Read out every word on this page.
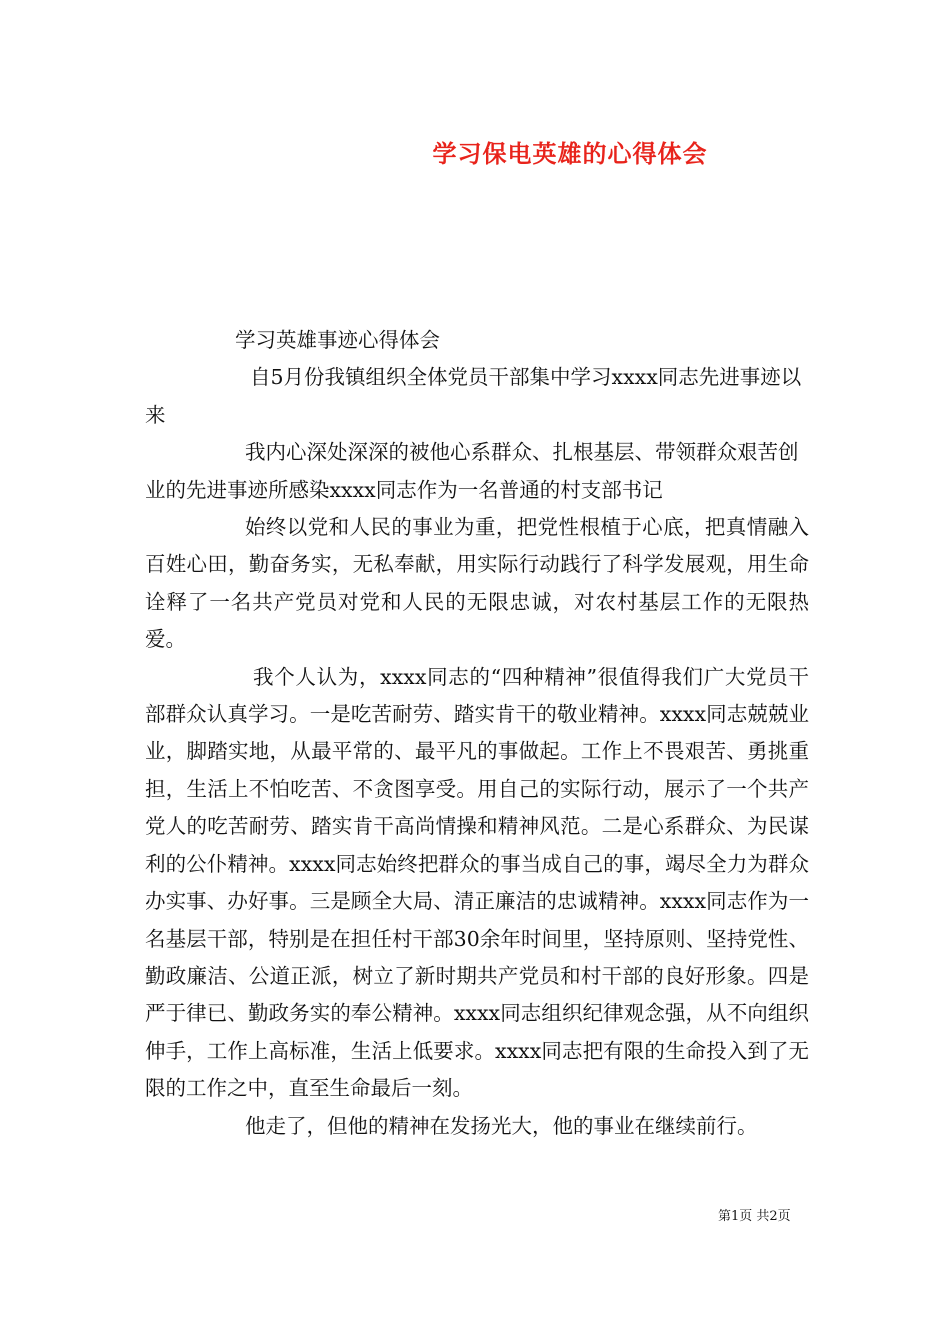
学习保电英雄的心得体会

学习英雄事迹心得体会

自5月份我镇组织全体党员干部集中学习xxxx同志先进事迹以来

我内心深处深深的被他心系群众、扎根基层、带领群众艰苦创业的先进事迹所感染xxxx同志作为一名普通的村支部书记

始终以党和人民的事业为重，把党性根植于心底，把真情融入百姓心田，勤奋务实，无私奉献，用实际行动践行了科学发展观，用生命诠释了一名共产党员对党和人民的无限忠诚，对农村基层工作的无限热爱。

我个人认为，xxxx同志的“四种精神”很值得我们广大党员干部群众认真学习。一是吃苦耐劳、踏实肯干的敬业精神。xxxx同志兢兢业业，脚踏实地，从最平常的、最平凡的事做起。工作上不畏艰苦、勇挑重担，生活上不怕吃苦、不贪图享受。用自己的实际行动，展示了一个共产党人的吃苦耐劳、踏实肯干高尚情操和精神风范。二是心系群众、为民谋利的公仆精神。xxxx同志始终把群众的事当成自己的事，竭尽全力为群众办实事、办好事。三是顾全大局、清正廉洁的忠诚精神。xxxx同志作为一名基层干部，特别是在担任村干部30余年时间里，坚持原则、坚持党性、勤政廉洁、公道正派，树立了新时期共产党员和村干部的良好形象。四是严于律已、勤政务实的奉公精神。xxxx同志组织纪律观念强，从不向组织伸手，工作上高标准，生活上低要求。xxxx同志把有限的生命投入到了无限的工作之中，直至生命最后一刻。

他走了，但他的精神在发扬光大，他的事业在继续前行。

第1页 共2页
